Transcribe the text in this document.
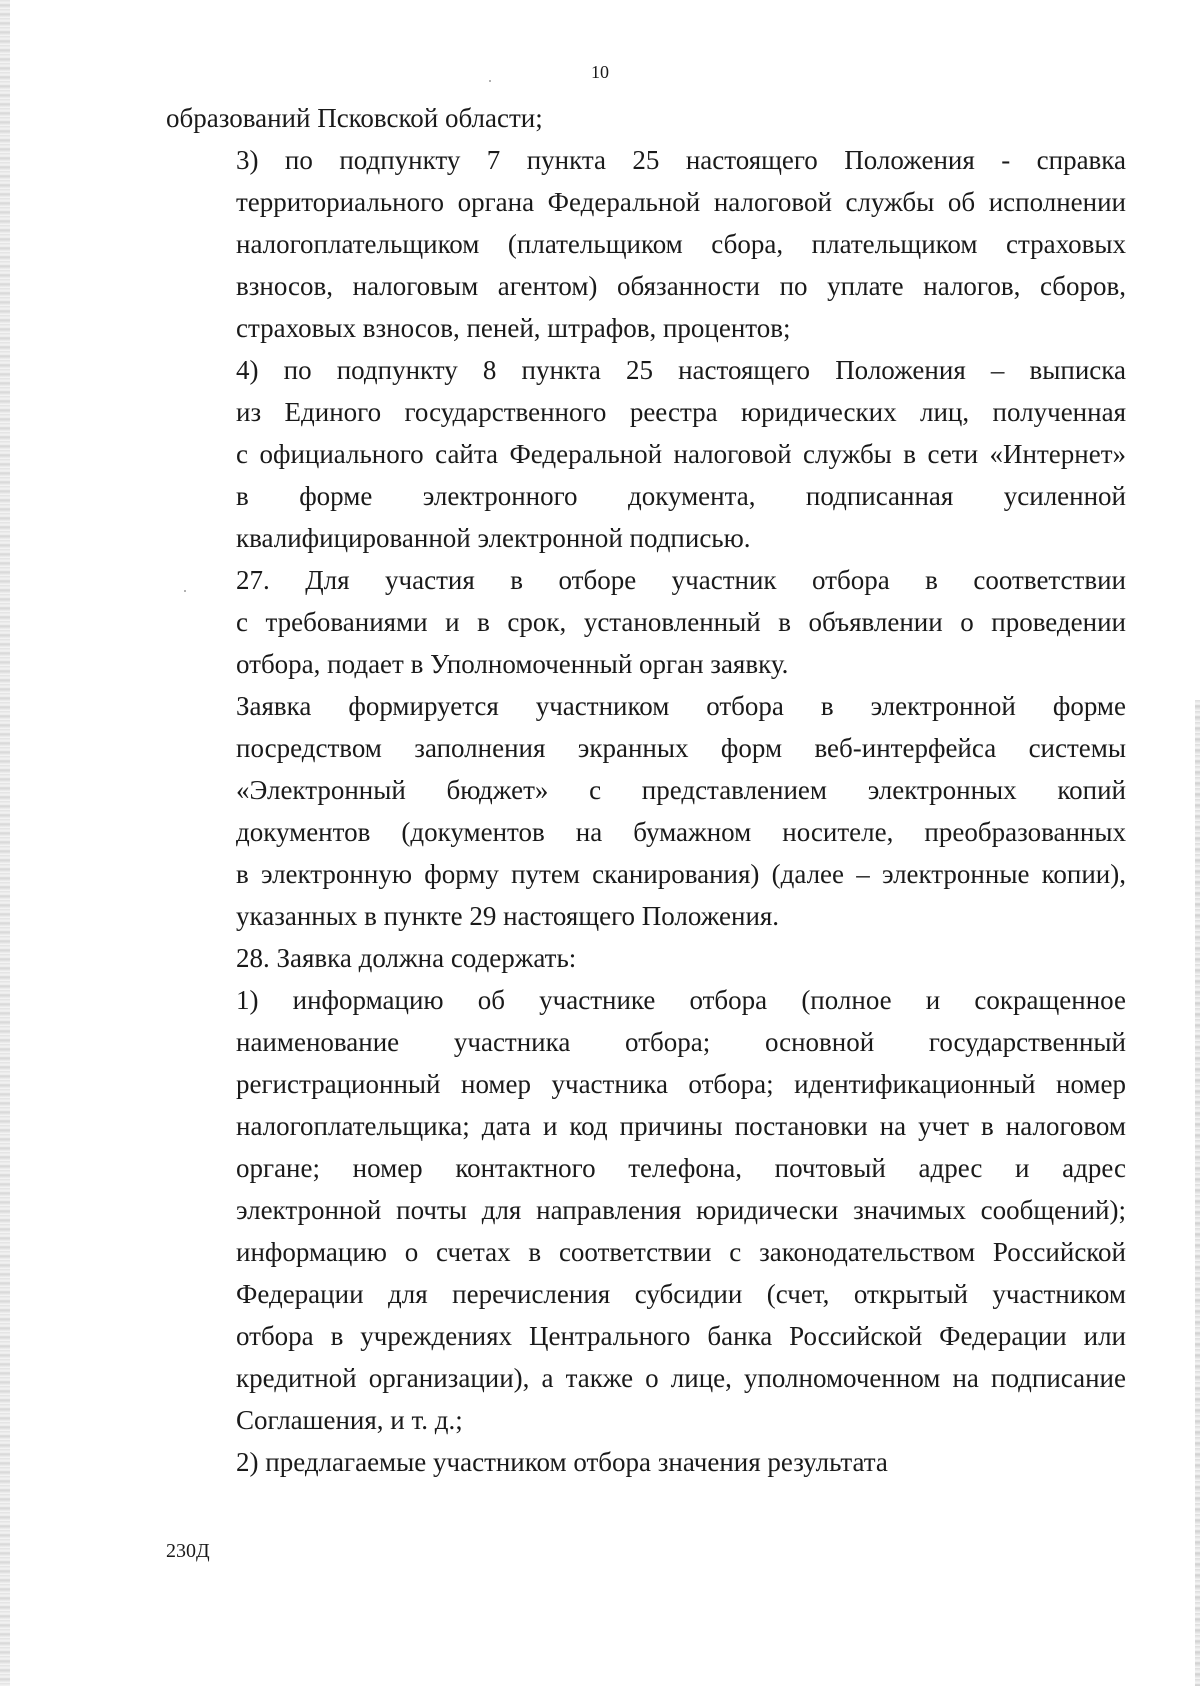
10
образований Псковской области;
3) по подпункту 7 пункта 25 настоящего Положения - справка
территориального органа Федеральной налоговой службы об исполнении
налогоплательщиком (плательщиком сбора, плательщиком страховых
взносов, налоговым агентом) обязанности по уплате налогов, сборов,
страховых взносов, пеней, штрафов, процентов;
4) по подпункту 8 пункта 25 настоящего Положения – выписка
из Единого государственного реестра юридических лиц, полученная
с официального сайта Федеральной налоговой службы в сети «Интернет»
в форме электронного документа, подписанная усиленной
квалифицированной электронной подписью.
27. Для участия в отборе участник отбора в соответствии
с требованиями и в срок, установленный в объявлении о проведении
отбора, подает в Уполномоченный орган заявку.
Заявка формируется участником отбора в электронной форме
посредством заполнения экранных форм веб-интерфейса системы
«Электронный бюджет» с представлением электронных копий
документов (документов на бумажном носителе, преобразованных
в электронную форму путем сканирования) (далее – электронные копии),
указанных в пункте 29 настоящего Положения.
28. Заявка должна содержать:
1) информацию об участнике отбора (полное и сокращенное
наименование участника отбора; основной государственный
регистрационный номер участника отбора; идентификационный номер
налогоплательщика; дата и код причины постановки на учет в налоговом
органе; номер контактного телефона, почтовый адрес и адрес
электронной почты для направления юридически значимых сообщений);
информацию о счетах в соответствии с законодательством Российской
Федерации для перечисления субсидии (счет, открытый участником
отбора в учреждениях Центрального банка Российской Федерации или
кредитной организации), а также о лице, уполномоченном на подписание
Соглашения, и т. д.;
2) предлагаемые участником отбора значения результата
230Д
